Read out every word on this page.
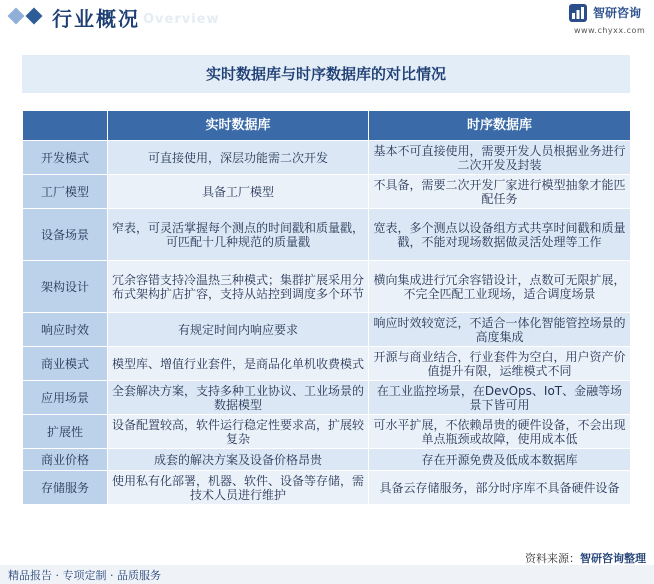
行业概况 Overview	智研咨询
www.chyxx.com
实时数据库与时序数据库的对比情况
	实时数据库	时序数据库
开发模式	可直接使用，深层功能需二次开发	基本不可直接使用，需要开发人员根据业务进行二次开发及封装
工厂模型	具备工厂模型	不具备，需要二次开发厂家进行模型抽象才能匹配任务
设备场景	窄表，可灵活掌握每个测点的时间戳和质量戳，可匹配十几种规范的质量戳	宽表，多个测点以设备组方式共享时间戳和质量戳，不能对现场数据做灵活处理等工作
架构设计	冗余容错支持冷温热三种模式；集群扩展采用分布式架构扩店扩容，支持从站控到调度多个环节	横向集成进行冗余容错设计，点数可无限扩展，不完全匹配工业现场，适合调度场景
响应时效	有规定时间内响应要求	响应时效较宽泛，不适合一体化智能管控场景的高度集成
商业模式	模型库、增值行业套件，是商品化单机收费模式	开源与商业结合，行业套件为空白，用户资产价值提升有限，运维模式不同
应用场景	全套解决方案，支持多种工业协议、工业场景的数据模型	在工业监控场景，在DevOps、IoT、金融等场景下皆可用
扩展性	设备配置较高，软件运行稳定性要求高，扩展较复杂	可水平扩展，不依赖昂贵的硬件设备，不会出现单点瓶颈或故障，使用成本低
商业价格	成套的解决方案及设备价格昂贵	存在开源免费及低成本数据库
存储服务	使用私有化部署，机器、软件、设备等存储，需技术人员进行维护	具备云存储服务，部分时序库不具备硬件设备
资料来源：智研咨询整理
精品报告 · 专项定制 · 品质服务
